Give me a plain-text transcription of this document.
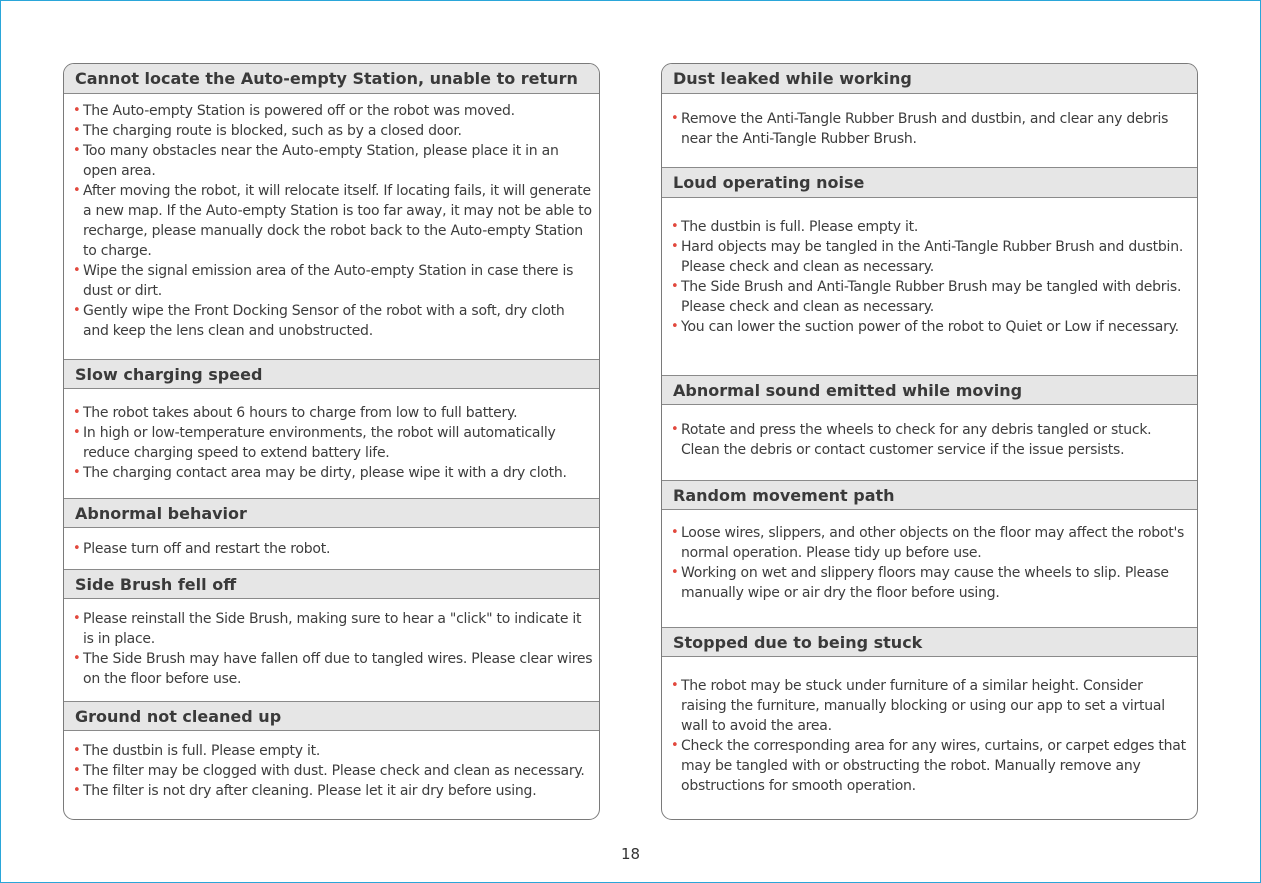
Cannot locate the Auto-empty Station, unable to return
• The Auto-empty Station is powered off or the robot was moved.
• The charging route is blocked, such as by a closed door.
• Too many obstacles near the Auto-empty Station, please place it in an open area.
• After moving the robot, it will relocate itself. If locating fails, it will generate a new map. If the Auto-empty Station is too far away, it may not be able to recharge, please manually dock the robot back to the Auto-empty Station to charge.
• Wipe the signal emission area of the Auto-empty Station in case there is dust or dirt.
• Gently wipe the Front Docking Sensor of the robot with a soft, dry cloth and keep the lens clean and unobstructed.
Slow charging speed
• The robot takes about 6 hours to charge from low to full battery.
• In high or low-temperature environments, the robot will automatically reduce charging speed to extend battery life.
• The charging contact area may be dirty, please wipe it with a dry cloth.
Abnormal behavior
• Please turn off and restart the robot.
Side Brush fell off
• Please reinstall the Side Brush, making sure to hear a "click" to indicate it is in place.
• The Side Brush may have fallen off due to tangled wires. Please clear wires on the floor before use.
Ground not cleaned up
• The dustbin is full. Please empty it.
• The filter may be clogged with dust. Please check and clean as necessary.
• The filter is not dry after cleaning. Please let it air dry before using.
Dust leaked while working
• Remove the Anti-Tangle Rubber Brush and dustbin, and clear any debris near the Anti-Tangle Rubber Brush.
Loud operating noise
• The dustbin is full. Please empty it.
• Hard objects may be tangled in the Anti-Tangle Rubber Brush and dustbin. Please check and clean as necessary.
• The Side Brush and Anti-Tangle Rubber Brush may be tangled with debris. Please check and clean as necessary.
• You can lower the suction power of the robot to Quiet or Low if necessary.
Abnormal sound emitted while moving
• Rotate and press the wheels to check for any debris tangled or stuck. Clean the debris or contact customer service if the issue persists.
Random movement path
• Loose wires, slippers, and other objects on the floor may affect the robot's normal operation. Please tidy up before use.
• Working on wet and slippery floors may cause the wheels to slip. Please manually wipe or air dry the floor before using.
Stopped due to being stuck
• The robot may be stuck under furniture of a similar height. Consider raising the furniture, manually blocking or using our app to set a virtual wall to avoid the area.
• Check the corresponding area for any wires, curtains, or carpet edges that may be tangled with or obstructing the robot. Manually remove any obstructions for smooth operation.
18
